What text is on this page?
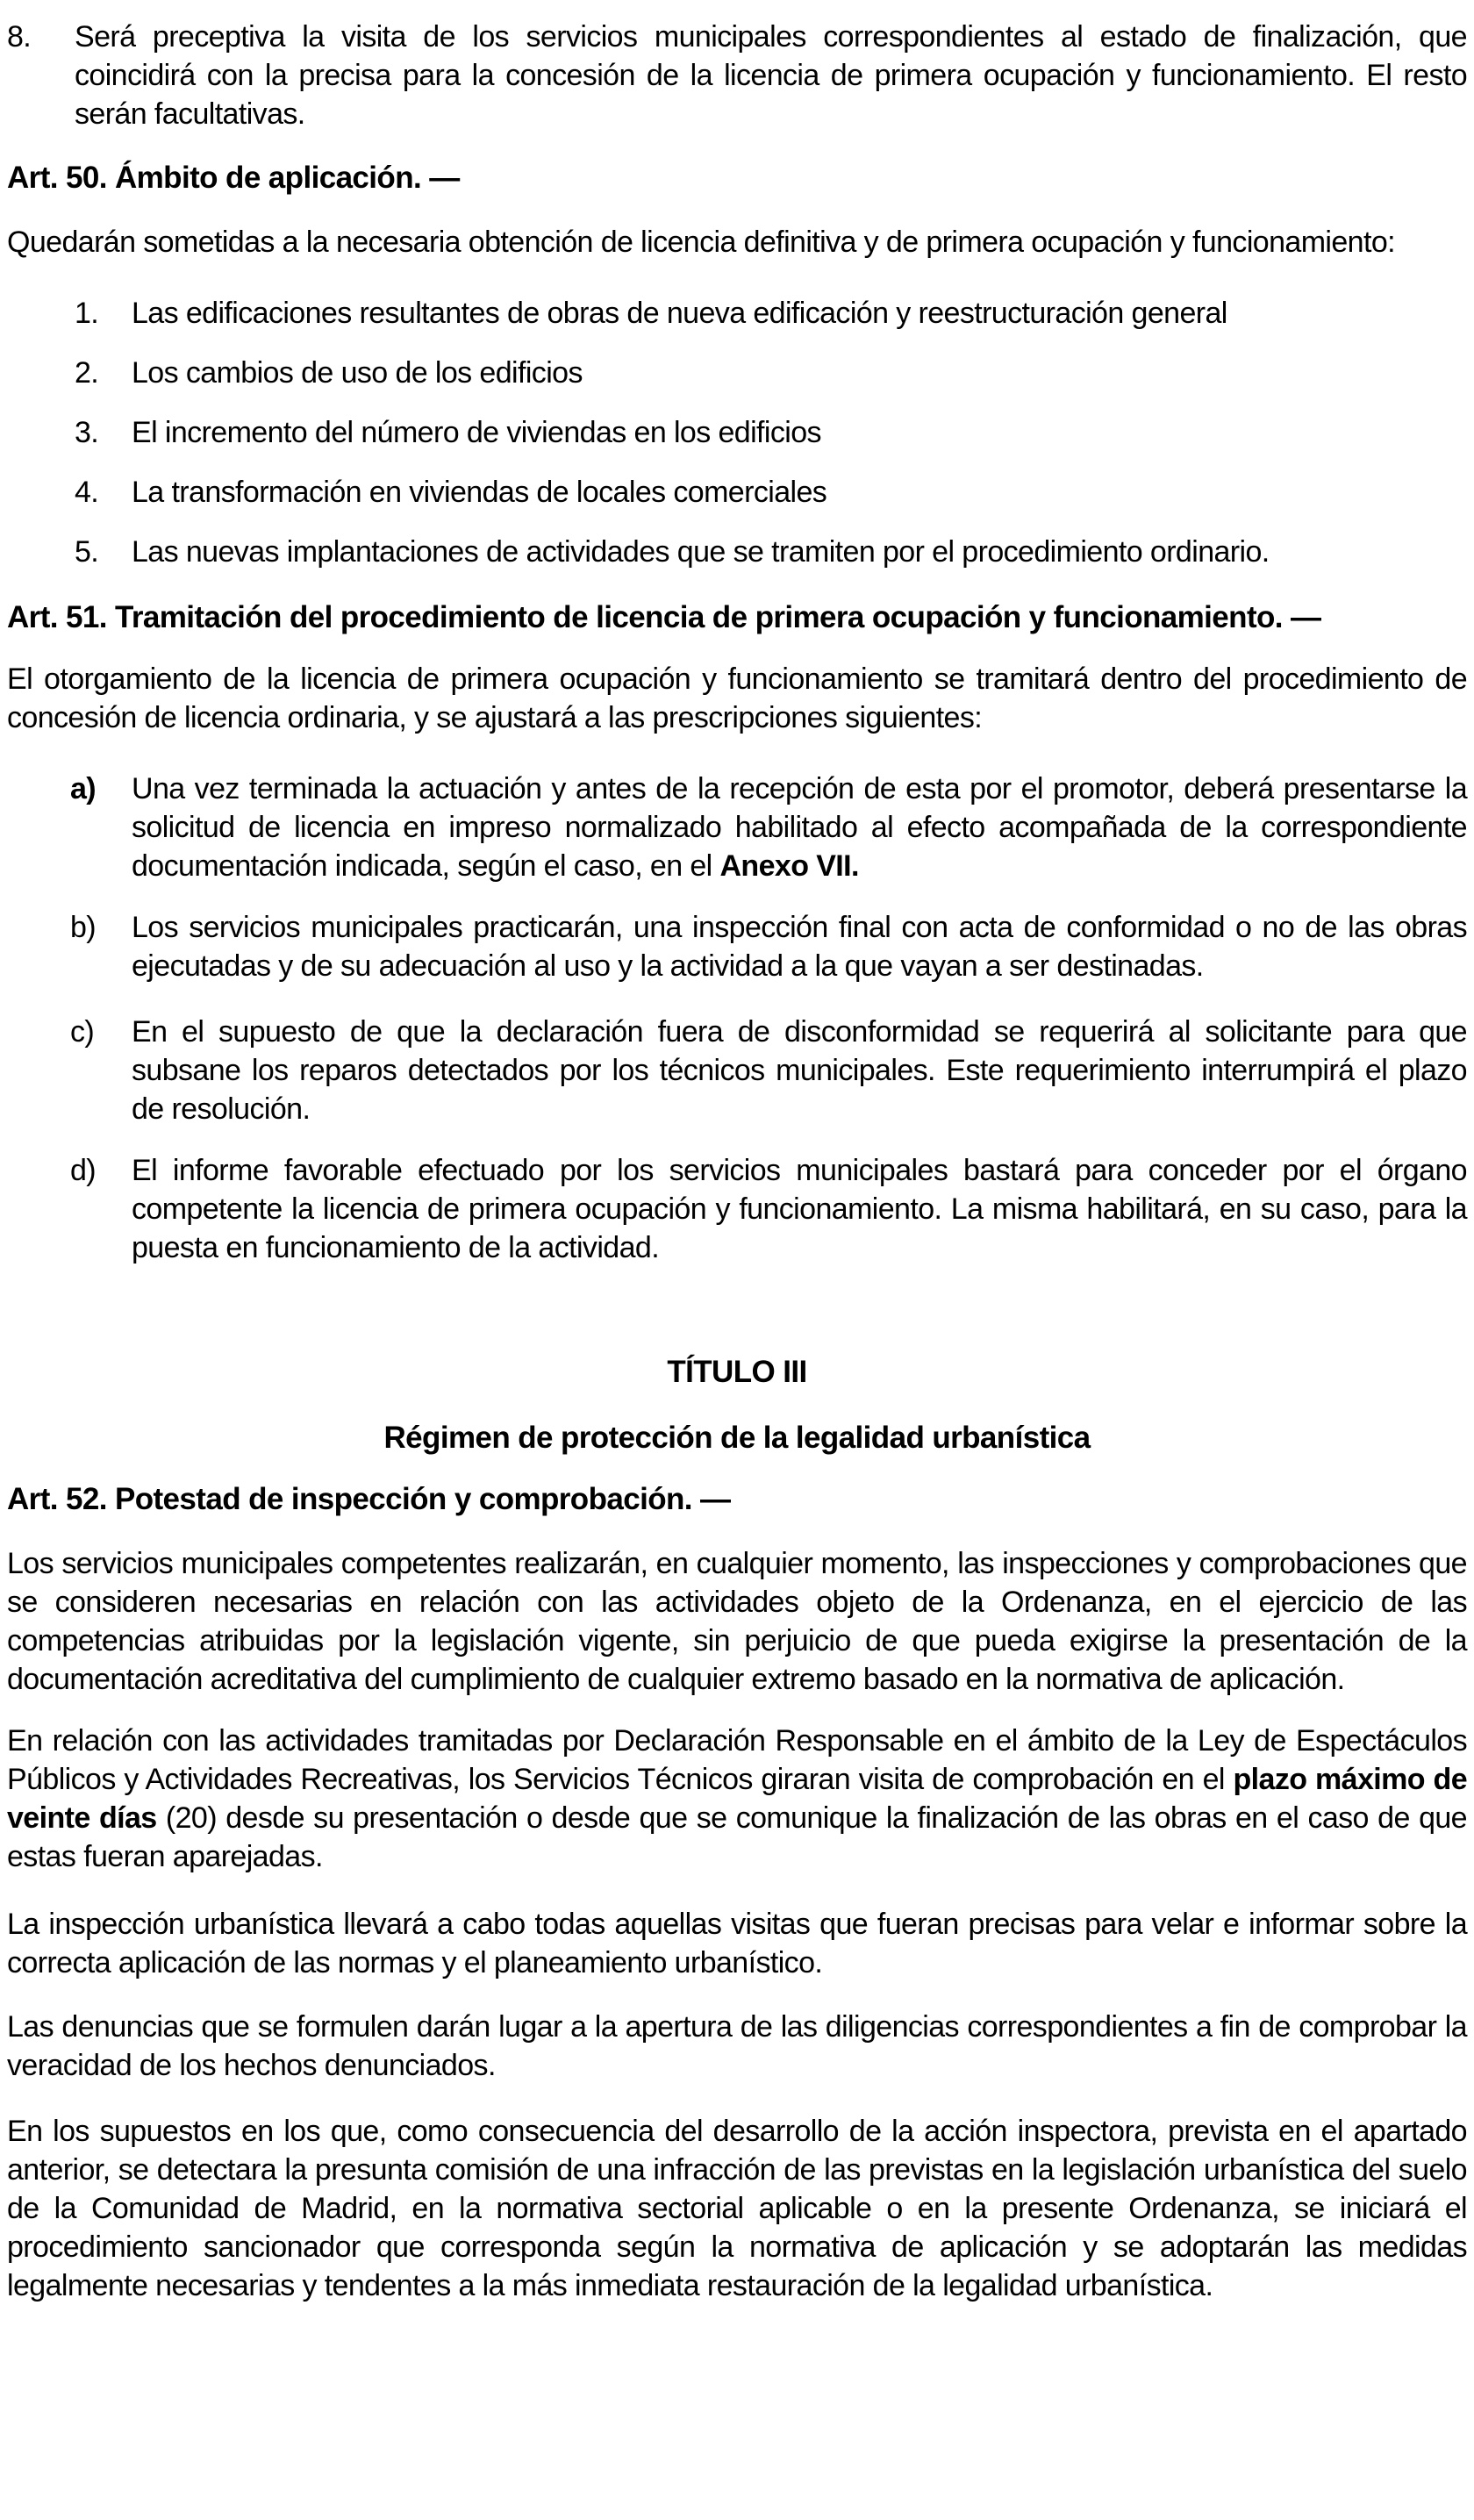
8.	Será preceptiva la visita de los servicios municipales correspondientes al estado de finalización, que coincidirá con la precisa para la concesión de la licencia de primera ocupación y funcionamiento. El resto serán facultativas.

Art. 50. Ámbito de aplicación. —

Quedarán sometidas a la necesaria obtención de licencia definitiva y de primera ocupación y funcionamiento:

1.	Las edificaciones resultantes de obras de nueva edificación y reestructuración general

2.	Los cambios de uso de los edificios

3.	El incremento del número de viviendas en los edificios

4.	La transformación en viviendas de locales comerciales

5.	Las nuevas implantaciones de actividades que se tramiten por el procedimiento ordinario.

Art. 51. Tramitación del procedimiento de licencia de primera ocupación y funcionamiento. —

El otorgamiento de la licencia de primera ocupación y funcionamiento se tramitará dentro del procedimiento de concesión de licencia ordinaria, y se ajustará a las prescripciones siguientes:

a)	Una vez terminada la actuación y antes de la recepción de esta por el promotor, deberá presentarse la solicitud de licencia en impreso normalizado habilitado al efecto acompañada de la correspondiente documentación indicada, según el caso, en el Anexo VII.

b)	Los servicios municipales practicarán, una inspección final con acta de conformidad o no de las obras ejecutadas y de su adecuación al uso y la actividad a la que vayan a ser destinadas.

c)	En el supuesto de que la declaración fuera de disconformidad se requerirá al solicitante para que subsane los reparos detectados por los técnicos municipales. Este requerimiento interrumpirá el plazo de resolución.

d)	El informe favorable efectuado por los servicios municipales bastará para conceder por el órgano competente la licencia de primera ocupación y funcionamiento. La misma habilitará, en su caso, para la puesta en funcionamiento de la actividad.

TÍTULO III
Régimen de protección de la legalidad urbanística
Art. 52. Potestad de inspección y comprobación. —

Los servicios municipales competentes realizarán, en cualquier momento, las inspecciones y comprobaciones que se consideren necesarias en relación con las actividades objeto de la Ordenanza, en el ejercicio de las competencias atribuidas por la legislación vigente, sin perjuicio de que pueda exigirse la presentación de la documentación acreditativa del cumplimiento de cualquier extremo basado en la normativa de aplicación.

En relación con las actividades tramitadas por Declaración Responsable en el ámbito de la Ley de Espectáculos Públicos y Actividades Recreativas, los Servicios Técnicos giraran visita de comprobación en el plazo máximo de veinte días (20) desde su presentación o desde que se comunique la finalización de las obras en el caso de que estas fueran aparejadas.

La inspección urbanística llevará a cabo todas aquellas visitas que fueran precisas para velar e informar sobre la correcta aplicación de las normas y el planeamiento urbanístico.

Las denuncias que se formulen darán lugar a la apertura de las diligencias correspondientes a fin de comprobar la veracidad de los hechos denunciados.

En los supuestos en los que, como consecuencia del desarrollo de la acción inspectora, prevista en el apartado anterior, se detectara la presunta comisión de una infracción de las previstas en la legislación urbanística del suelo de la Comunidad de Madrid, en la normativa sectorial aplicable o en la presente Ordenanza, se iniciará el procedimiento sancionador que corresponda según la normativa de aplicación y se adoptarán las medidas legalmente necesarias y tendentes a la más inmediata restauración de la legalidad urbanística.
